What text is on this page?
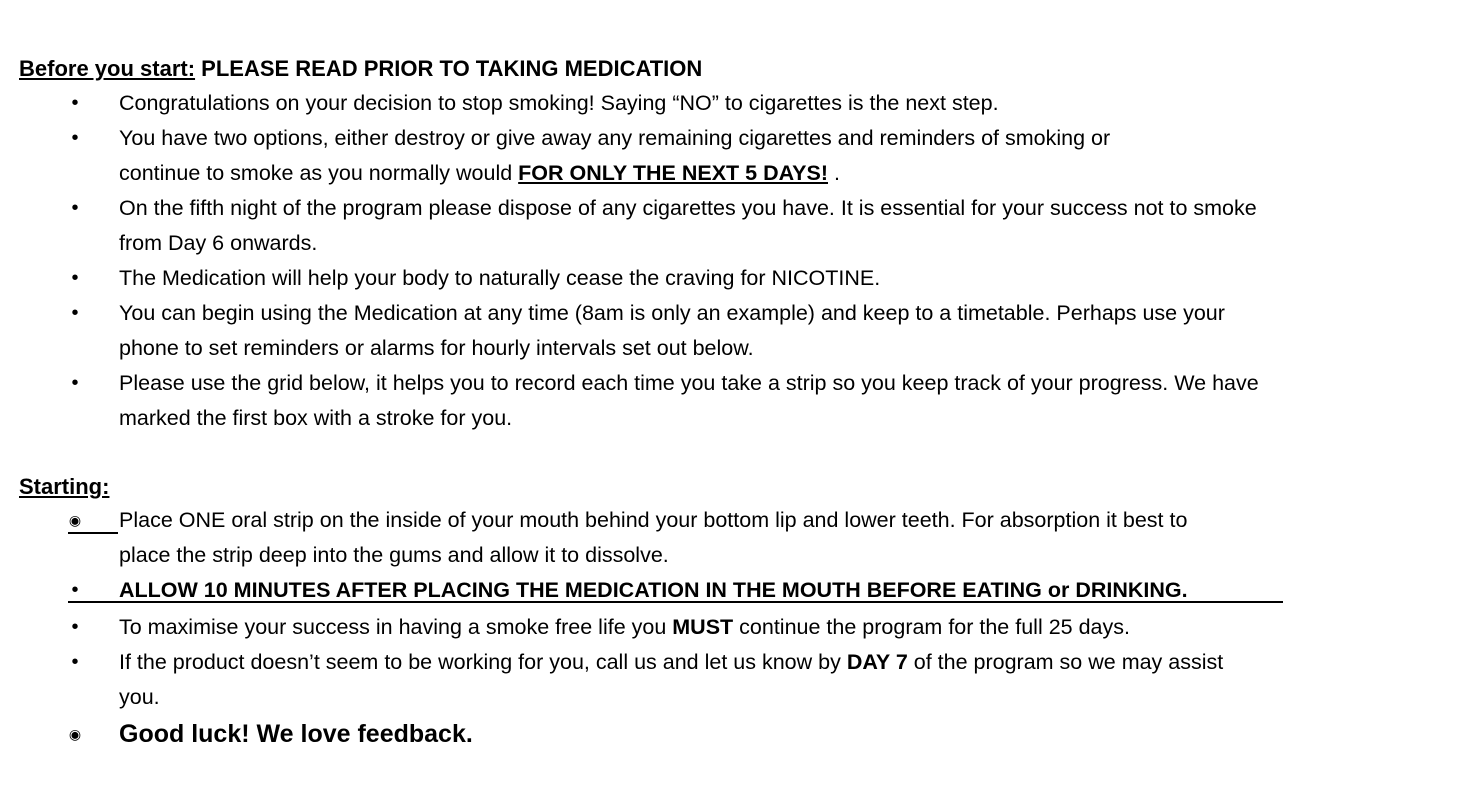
Before you start: PLEASE READ PRIOR TO TAKING MEDICATION
• Congratulations on your decision to stop smoking! Saying “NO” to cigarettes is the next step.
• You have two options, either destroy or give away any remaining cigarettes and reminders of smoking or
continue to smoke as you normally would FOR ONLY THE NEXT 5 DAYS! .
• On the fifth night of the program please dispose of any cigarettes you have. It is essential for your success not to smoke
from Day 6 onwards.
• The Medication will help your body to naturally cease the craving for NICOTINE.
• You can begin using the Medication at any time (8am is only an example) and keep to a timetable. Perhaps use your
phone to set reminders or alarms for hourly intervals set out below.
• Please use the grid below, it helps you to record each time you take a strip so you keep track of your progress. We have
marked the first box with a stroke for you.
Starting:
◉ Place ONE oral strip on the inside of your mouth behind your bottom lip and lower teeth. For absorption it best to
place the strip deep into the gums and allow it to dissolve.
• ALLOW 10 MINUTES AFTER PLACING THE MEDICATION IN THE MOUTH BEFORE EATING or DRINKING.
• To maximise your success in having a smoke free life you MUST continue the program for the full 25 days.
• If the product doesn’t seem to be working for you, call us and let us know by DAY 7 of the program so we may assist
you.
◉ Good luck! We love feedback.
